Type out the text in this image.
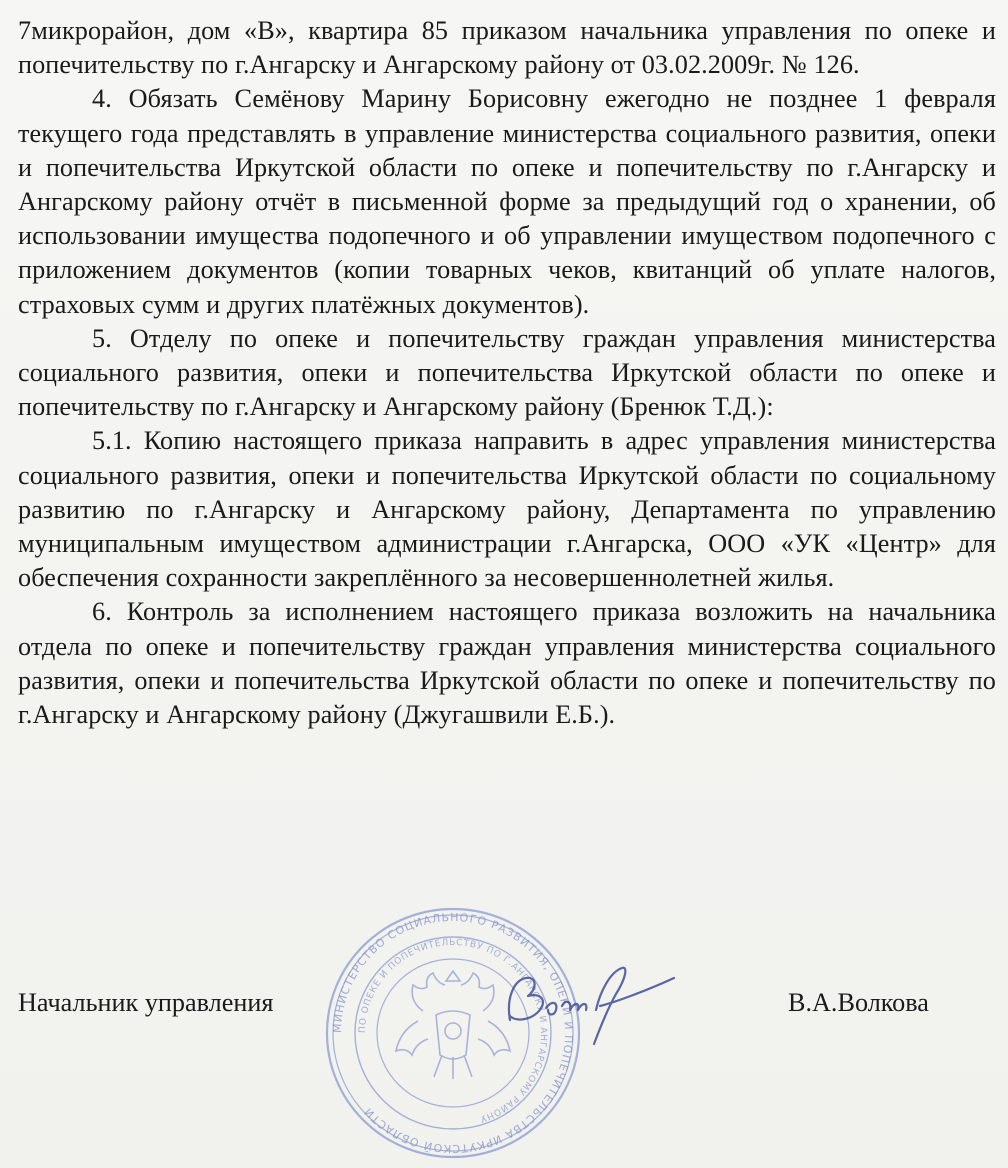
7микрорайон, дом «В», квартира 85 приказом начальника управления по опеке и попечительству по г.Ангарску и Ангарскому району от 03.02.2009г. № 126.

4. Обязать Семёнову Марину Борисовну ежегодно не позднее 1 февраля текущего года представлять в управление министерства социального развития, опеки и попечительства Иркутской области по опеке и попечительству по г.Ангарску и Ангарскому району отчёт в письменной форме за предыдущий год о хранении, об использовании имущества подопечного и об управлении имуществом подопечного с приложением документов (копии товарных чеков, квитанций об уплате налогов, страховых сумм и других платёжных документов).

5. Отделу по опеке и попечительству граждан управления министерства социального развития, опеки и попечительства Иркутской области по опеке и попечительству по г.Ангарску и Ангарскому району (Бренюк Т.Д.):

5.1. Копию настоящего приказа направить в адрес управления министерства социального развития, опеки и попечительства Иркутской области по социальному развитию по г.Ангарску и Ангарскому району, Департамента по управлению муниципальным имуществом администрации г.Ангарска, ООО «УК «Центр» для обеспечения сохранности закреплённого за несовершеннолетней жилья.

6. Контроль за исполнением настоящего приказа возложить на начальника отдела по опеке и попечительству граждан управления министерства социального развития, опеки и попечительства Иркутской области по опеке и попечительству по г.Ангарску и Ангарскому району (Джугашвили Е.Б.).

МИНИСТЕРСТВО СОЦИАЛЬНОГО РАЗВИТИЯ, ОПЕКИ И ПОПЕЧИТЕЛЬСТВА ИРКУТСКОЙ ОБЛАСТИ
ПО ОПЕКЕ И ПОПЕЧИТЕЛЬСТВУ ПО Г.АНГАРСКУ И АНГАРСКОМУ РАЙОНУ
Начальник управления	В.А.Волкова
